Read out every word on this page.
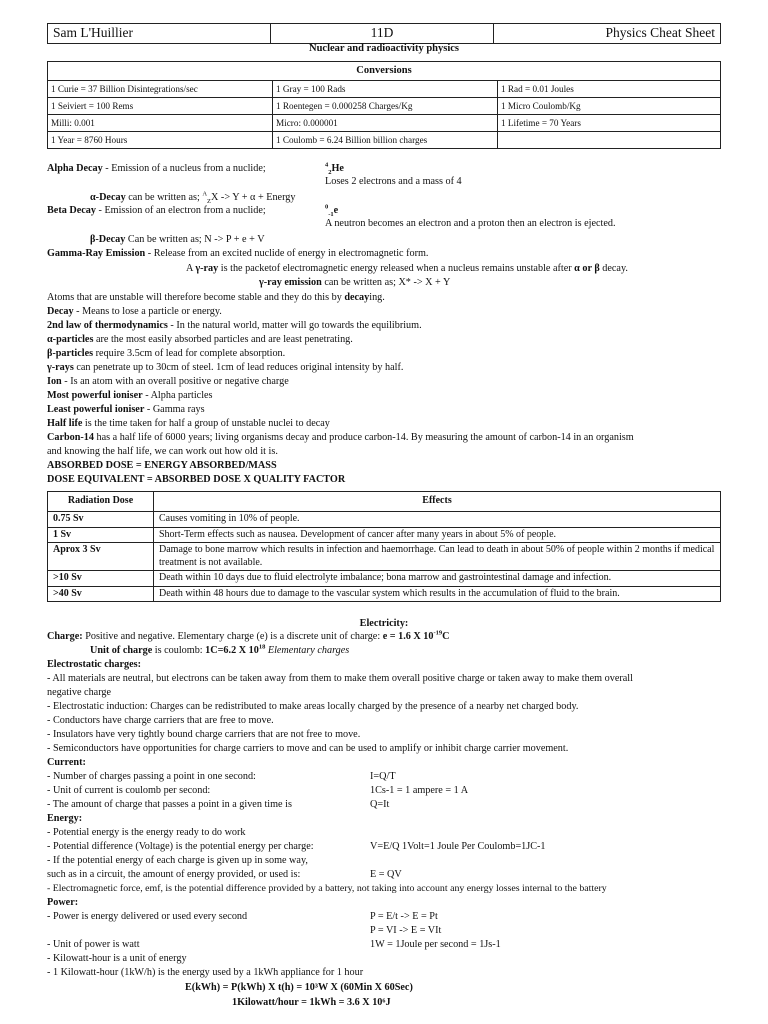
Sam L'Huillier	11D	Physics Cheat Sheet
Nuclear and radioactivity physics
Conversions		
1 Curie = 37 Billion Disintegrations/sec	1 Gray = 100 Rads	1 Rad = 0.01 Joules
1 Seiviert = 100 Rems	1 Roentegen = 0.000258 Charges/Kg	1 Micro Coulomb/Kg
Milli: 0.001	Micro: 0.000001	1 Lifetime = 70 Years
1 Year = 8760 Hours	1 Coulomb = 6.24 Billion billion charges	
Alpha Decay - Emission of a nucleus from a nuclide;	$^4_2$He
Loses 2 electrons and a mass of 4
α-Decay can be written as; $^A_Z$X -> Y + α + Energy
Beta Decay - Emission of an electron from a nuclide;	$^0_{-1}$e
A neutron becomes an electron and a proton then an electron is ejected.
β-Decay Can be written as; N -> P + e + V
Gamma-Ray Emission - Release from an excited nuclide of energy in electromagnetic form.
A γ-ray is the packetof electromagnetic energy released when a nucleus remains unstable after α or β decay.
γ-ray emission can be written as; X* -> X + Y
Atoms that are unstable will therefore become stable and they do this by decaying.
Decay - Means to lose a particle or energy.
2nd law of thermodynamics - In the natural world, matter will go towards the equilibrium.
α-particles are the most easily absorbed particles and are least penetrating.
β-particles require 3.5cm of lead for complete absorption.
γ-rays can penetrate up to 30cm of steel. 1cm of lead reduces original intensity by half.
Ion - Is an atom with an overall positive or negative charge
Most powerful ioniser - Alpha particles
Least powerful ioniser - Gamma rays
Half life is the time taken for half a group of unstable nuclei to decay
Carbon-14 has a half life of 6000 years; living organisms decay and produce carbon-14. By measuring the amount of carbon-14 in an organism
and knowing the half life, we can work out how old it is.
ABSORBED DOSE = ENERGY ABSORBED/MASS
DOSE EQUIVALENT = ABSORBED DOSE X QUALITY FACTOR
Radiation Dose	Effects
0.75 Sv	Causes vomiting in 10% of people.
1 Sv	Short-Term effects such as nausea. Development of cancer after many years in about 5% of people.
Aprox 3 Sv	Damage to bone marrow which results in infection and haemorrhage. Can lead to death in about 50% of people within 2 months if medical treatment is not available.
>10 Sv	Death within 10 days due to fluid electrolyte imbalance; bona marrow and gastrointestinal damage and infection.
>40 Sv	Death within 48 hours due to damage to the vascular system which results in the accumulation of fluid to the brain.
Electricity:
Charge: Positive and negative. Elementary charge (e) is a discrete unit of charge: e = 1.6 X $10^{-19}C$
Unit of charge is coulomb: 1C=6.2 X $10^{18}$ Elementary charges
Electrostatic charges:
- All materials are neutral, but electrons can be taken away from them to make them overall positive charge or taken away to make them overall
negative charge
- Electrostatic induction: Charges can be redistributed to make areas locally charged by the presence of a nearby net charged body.
- Conductors have charge carriers that are free to move.
- Insulators have very tightly bound charge carriers that are not free to move.
- Semiconductors have opportunities for charge carriers to move and can be used to amplify or inhibit charge carrier movement.
Current:
- Number of charges passing a point in one second:	I=Q/T
- Unit of current is coulomb per second:	1Cs-1 = 1 ampere = 1 A
- The amount of charge that passes a point in a given time is	Q=It
Energy:
- Potential energy is the energy ready to do work
- Potential difference (Voltage) is the potential energy per charge:	V=E/Q 1Volt=1 Joule Per Coulomb=1JC-1
- If the potential energy of each charge is given up in some way,
such as in a circuit, the amount of energy provided, or used is:	E = QV
- Electromagnetic force, emf, is the potential difference provided by a battery, not taking into account any energy losses internal to the battery
Power:
- Power is energy delivered or used every second	P = E/t -> E = Pt
P = VI -> E = VIt
- Unit of power is watt	1W = 1Joule per second = 1Js-1
- Kilowatt-hour is a unit of energy
- 1 Kilowatt-hour (1kW/h) is the energy used by a 1kWh appliance for 1 hour
E(kWh) = P(kWh) X t(h) = 10³W X (60Min X 60Sec)
1Kilowatt/hour = 1kWh = 3.6 X 10⁶J
